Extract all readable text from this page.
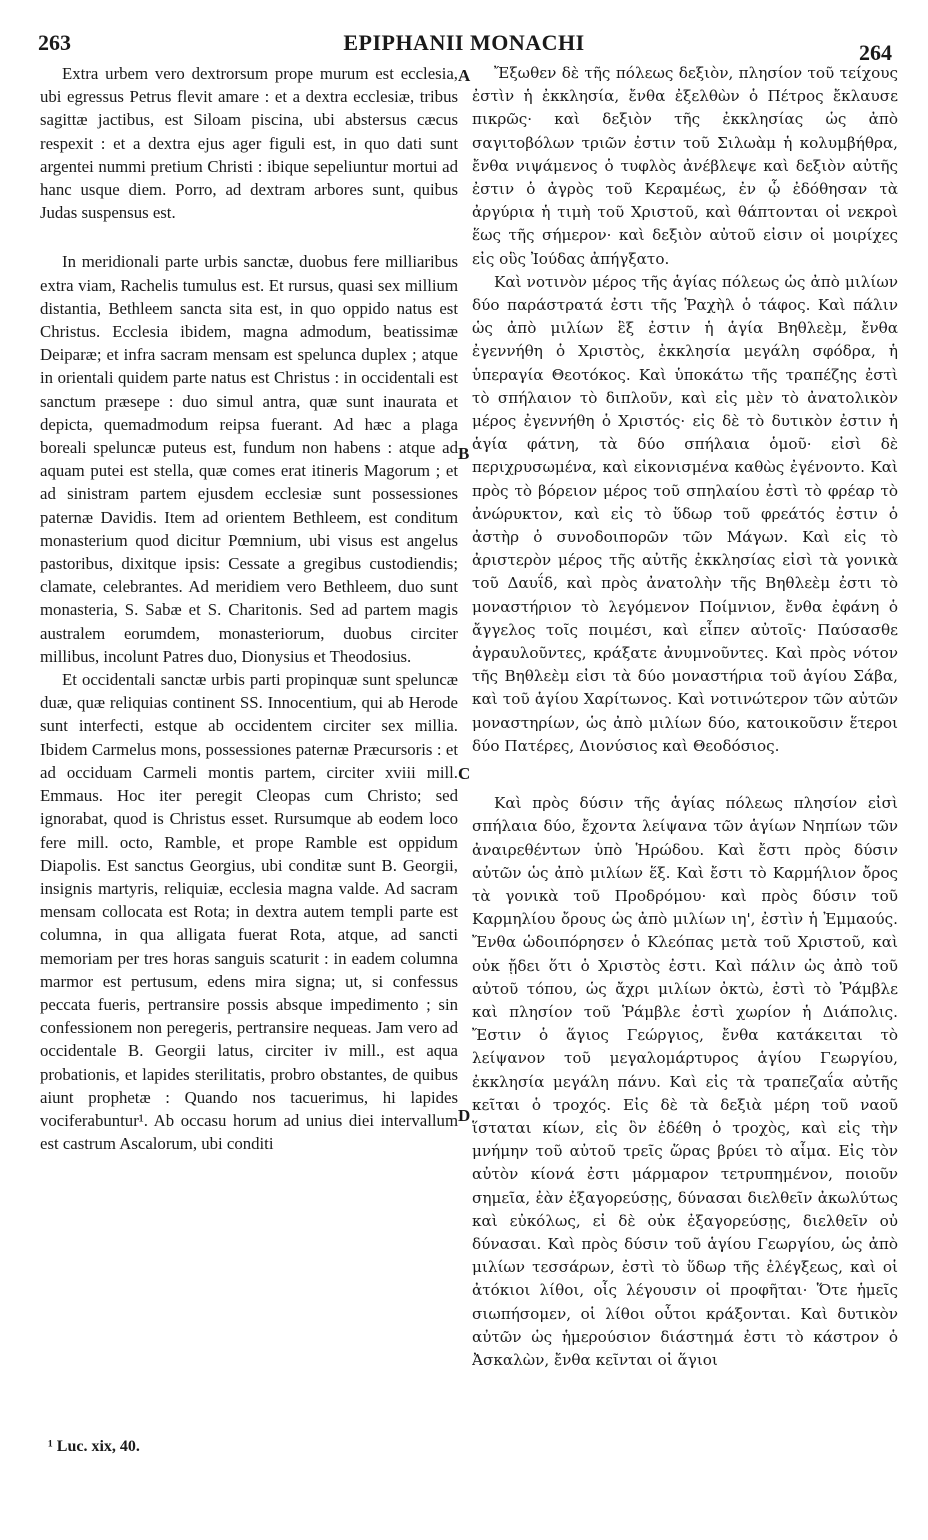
263	EPIPHANII MONACHI	264

Extra urbem vero dextrorsum prope murum est ecclesia, ubi egressus Petrus flevit amare : et a dextra ecclesiæ, tribus sagittæ jactibus, est Siloam piscina, ubi abstersus cæcus respexit : et a dextra ejus ager figuli est, in quo dati sunt argentei nummi pretium Christi : ibique sepeliuntur mortui ad hanc usque diem. Porro, ad dextram arbores sunt, quibus Judas suspensus est.

In meridionali parte urbis sanctæ, duobus fere milliaribus extra viam, Rachelis tumulus est. Et rursus, quasi sex millium distantia, Bethleem sancta sita est, in quo oppido natus est Christus. Ecclesia ibidem, magna admodum, beatissimæ Deiparæ; et infra sacram mensam est spelunca duplex ; atque in orientali quidem parte natus est Christus : in occidentali est sanctum præsepe : duo simul antra, quæ sunt inaurata et depicta, quemadmodum reipsa fuerant. Ad hæc a plaga boreali speluncæ puteus est, fundum non habens : atque ad aquam putei est stella, quæ comes erat itineris Magorum ; et ad sinistram partem ejusdem ecclesiæ sunt possessiones paternæ Davidis. Item ad orientem Bethleem, est conditum monasterium quod dicitur Pœmnium, ubi visus est angelus pastoribus, dixitque ipsis: Cessate a gregibus custodiendis; clamate, celebrantes. Ad meridiem vero Bethleem, duo sunt monasteria, S. Sabæ et S. Charitonis. Sed ad partem magis australem eorumdem, monasteriorum, duobus circiter millibus, incolunt Patres duo, Dionysius et Theodosius.

Et occidentali sanctæ urbis parti propinquæ sunt speluncæ duæ, quæ reliquias continent SS. Innocentium, qui ab Herode sunt interfecti, estque ab occidentem circiter sex millia. Ibidem Carmelus mons, possessiones paternæ Præcursoris : et ad occiduam Carmeli montis partem, circiter xviii mill. Emmaus. Hoc iter peregit Cleopas cum Christo; sed ignorabat, quod is Christus esset. Rursumque ab eodem loco fere mill. octo, Ramble, et prope Ramble est oppidum Diapolis. Est sanctus Georgius, ubi conditæ sunt B. Georgii, insignis martyris, reliquiæ, ecclesia magna valde. Ad sacram mensam collocata est Rota; in dextra autem templi parte est columna, in qua alligata fuerat Rota, atque, ad sancti memoriam per tres horas sanguis scaturit : in eadem columna marmor est pertusum, edens mira signa; ut, si confessus peccata fueris, pertransire possis absque impedimento ; sin confessionem non peregeris, pertransire nequeas. Jam vero ad occidentale B. Georgii latus, circiter iv mill., est aqua probationis, et lapides sterilitatis, probro obstantes, de quibus aiunt prophetæ : Quando nos tacuerimus, hi lapides vociferabuntur¹. Ab occasu horum ad unius diei intervallum est castrum Ascalorum, ubi conditi

A
B
C
D

Ἔξωθεν δὲ τῆς πόλεως δεξιὸν, πλησίον τοῦ τείχους ἐστὶν ἡ ἐκκλησία, ἔνθα ἐξελθὼν ὁ Πέτρος ἔκλαυσε πικρῶς· καὶ δεξιὸν τῆς ἐκκλησίας ὡς ἀπὸ σαγιτοβόλων τριῶν ἐστιν τοῦ Σιλωὰμ ἡ κολυμβήθρα, ἔνθα νιψάμενος ὁ τυφλὸς ἀνέβλεψε καὶ δεξιὸν αὐτῆς ἐστιν ὁ ἀγρὸς τοῦ Κεραμέως, ἐν ᾧ ἐδόθησαν τὰ ἀργύρια ἡ τιμὴ τοῦ Χριστοῦ, καὶ θάπτονται οἱ νεκροὶ ἕως τῆς σήμερον· καὶ δεξιὸν αὐτοῦ εἰσιν οἱ μοιρίχες εἰς οὓς Ἰούδας ἀπήγξατο.

Καὶ νοτινὸν μέρος τῆς ἁγίας πόλεως ὡς ἀπὸ μιλίων δύο παράστρατά ἐστι τῆς Ῥαχὴλ ὁ τάφος. Καὶ πάλιν ὡς ἀπὸ μιλίων ἓξ ἐστιν ἡ ἁγία Βηθλεὲμ, ἔνθα ἐγεννήθη ὁ Χριστὸς, ἐκκλησία μεγάλη σφόδρα, ἡ ὑπεραγία Θεοτόκος. Καὶ ὑποκάτω τῆς τραπέζης ἐστὶ τὸ σπήλαιον τὸ διπλοῦν, καὶ εἰς μὲν τὸ ἀνατολικὸν μέρος ἐγεννήθη ὁ Χριστός· εἰς δὲ τὸ δυτικὸν ἐστιν ἡ ἁγία φάτνη, τὰ δύο σπήλαια ὁμοῦ· εἰσὶ δὲ περιχρυσωμένα, καὶ εἰκονισμένα καθὼς ἐγένοντο. Καὶ πρὸς τὸ βόρειον μέρος τοῦ σπηλαίου ἐστὶ τὸ φρέαρ τὸ ἀνώρυκτον, καὶ εἰς τὸ ὕδωρ τοῦ φρεάτός ἐστιν ὁ ἀστὴρ ὁ συνοδοιπορῶν τῶν Μάγων. Καὶ εἰς τὸ ἀριστερὸν μέρος τῆς αὐτῆς ἐκκλησίας εἰσὶ τὰ γονικὰ τοῦ Δαυΐδ, καὶ πρὸς ἀνατολὴν τῆς Βηθλεὲμ ἐστι τὸ μοναστήριον τὸ λεγόμενον Ποίμνιον, ἔνθα ἐφάνη ὁ ἄγγελος τοῖς ποιμέσι, καὶ εἶπεν αὐτοῖς· Παύσασθε ἀγραυλοῦντες, κράξατε ἀνυμνοῦντες. Καὶ πρὸς νότον τῆς Βηθλεὲμ εἰσι τὰ δύο μοναστήρια τοῦ ἁγίου Σάβα, καὶ τοῦ ἁγίου Χαρίτωνος. Καὶ νοτινώτερον τῶν αὐτῶν μοναστηρίων, ὡς ἀπὸ μιλίων δύο, κατοικοῦσιν ἕτεροι δύο Πατέρες, Διονύσιος καὶ Θεοδόσιος.

Καὶ πρὸς δύσιν τῆς ἁγίας πόλεως πλησίον εἰσὶ σπήλαια δύο, ἔχοντα λείψανα τῶν ἁγίων Νηπίων τῶν ἀναιρεθέντων ὑπὸ Ἡρώδου. Καὶ ἔστι πρὸς δύσιν αὐτῶν ὡς ἀπὸ μιλίων ἕξ. Καὶ ἔστι τὸ Καρμήλιον ὄρος τὰ γονικὰ τοῦ Προδρόμου· καὶ πρὸς δύσιν τοῦ Καρμηλίου ὄρους ὡς ἀπὸ μιλίων ιη', ἐστὶν ἡ Ἐμμαούς. Ἔνθα ὡδοιπόρησεν ὁ Κλεόπας μετὰ τοῦ Χριστοῦ, καὶ οὐκ ᾔδει ὅτι ὁ Χριστὸς ἐστι. Καὶ πάλιν ὡς ἀπὸ τοῦ αὐτοῦ τόπου, ὡς ἄχρι μιλίων ὀκτὼ, ἐστὶ τὸ Ῥάμβλε καὶ πλησίον τοῦ Ῥάμβλε ἐστὶ χωρίον ἡ Διάπολις. Ἔστιν ὁ ἅγιος Γεώργιος, ἔνθα κατάκειται τὸ λείψανον τοῦ μεγαλομάρτυρος ἁγίου Γεωργίου, ἐκκλησία μεγάλη πάνυ. Καὶ εἰς τὰ τραπεζαΐα αὐτῆς κεῖται ὁ τροχός. Εἰς δὲ τὰ δεξιὰ μέρη τοῦ ναοῦ ἵσταται κίων, εἰς ὃν ἐδέθη ὁ τροχὸς, καὶ εἰς τὴν μνήμην τοῦ αὐτοῦ τρεῖς ὥρας βρύει τὸ αἷμα. Εἰς τὸν αὐτὸν κίονά ἐστι μάρμαρον τετρυπημένον, ποιοῦν σημεῖα, ἐὰν ἐξαγορεύσῃς, δύνασαι διελθεῖν ἀκωλύτως καὶ εὐκόλως, εἰ δὲ οὐκ ἐξαγορεύσῃς, διελθεῖν οὐ δύνασαι. Καὶ πρὸς δύσιν τοῦ ἁγίου Γεωργίου, ὡς ἀπὸ μιλίων τεσσάρων, ἐστὶ τὸ ὕδωρ τῆς ἐλέγξεως, καὶ οἱ ἀτόκιοι λίθοι, οἷς λέγουσιν οἱ προφῆται· Ὅτε ἡμεῖς σιωπήσομεν, οἱ λίθοι οὗτοι κράξονται. Καὶ δυτικὸν αὐτῶν ὡς ἡμερούσιον διάστημά ἐστι τὸ κάστρον ὁ Ἀσκαλὼν, ἔνθα κεῖνται οἱ ἅγιοι

¹ Luc. xix, 40.
